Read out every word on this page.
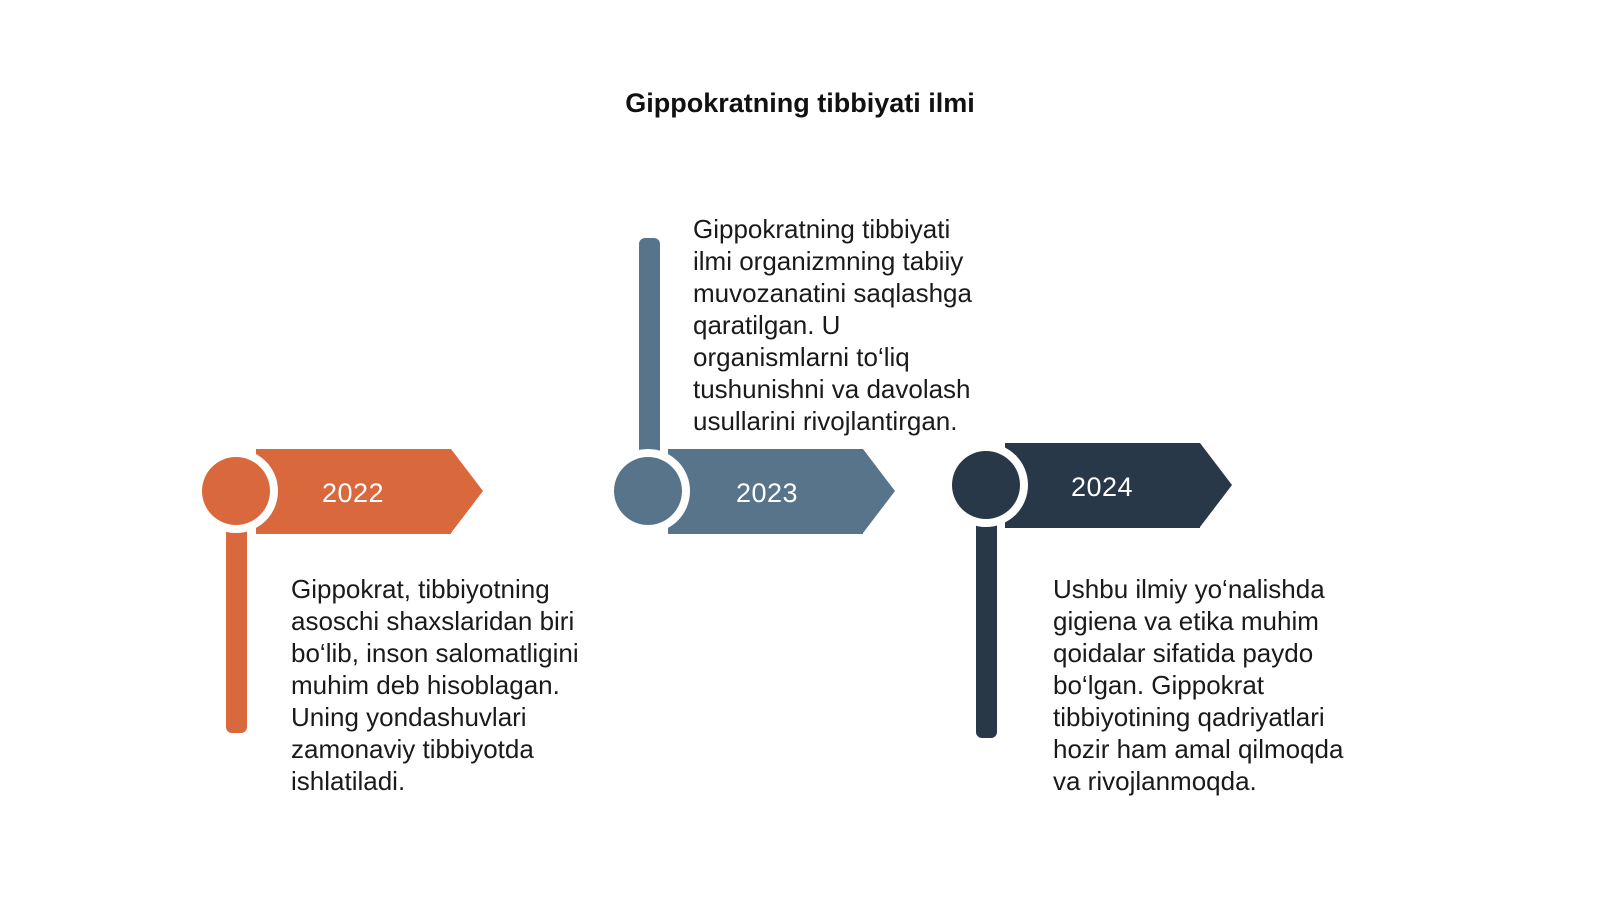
Gippokratning tibbiyati ilmi
2022
Gippokrat, tibbiyotning
asoschi shaxslaridan biri
bo‘lib, inson salomatligini
muhim deb hisoblagan.
Uning yondashuvlari
zamonaviy tibbiyotda
ishlatiladi.
2023
Gippokratning tibbiyati
ilmi organizmning tabiiy
muvozanatini saqlashga
qaratilgan. U
organismlarni to‘liq
tushunishni va davolash
usullarini rivojlantirgan.
2024
Ushbu ilmiy yo‘nalishda
gigiena va etika muhim
qoidalar sifatida paydo
bo‘lgan. Gippokrat
tibbiyotining qadriyatlari
hozir ham amal qilmoqda
va rivojlanmoqda.
